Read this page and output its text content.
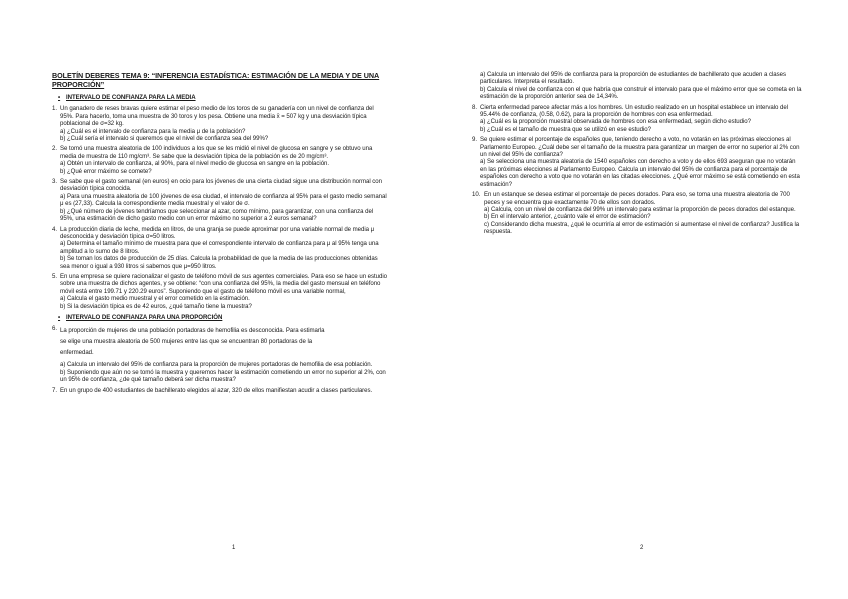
BOLETÍN DEBERES TEMA 9: “INFERENCIA ESTADÍSTICA: ESTIMACIÓN DE LA MEDIA Y DE UNA PROPORCIÓN”

• INTERVALO DE CONFIANZA PARA LA MEDIA
1. Un ganadero de reses bravas quiere estimar el peso medio de los toros de su ganadería con un nivel de confianza del 95%. Para hacerlo, toma una muestra de 30 toros y los pesa. Obtiene una media x̄ = 507 kg y una desviación típica poblacional de σ=32 kg.

a) ¿Cuál es el intervalo de confianza para la media μ de la población?

b) ¿Cuál sería el intervalo si queremos que el nivel de confianza sea del 99%?

2. Se tomó una muestra aleatoria de 100 individuos a los que se les midió el nivel de glucosa en sangre y se obtuvo una media de muestra de 110 mg/cm³. Se sabe que la desviación típica de la población es de 20 mg/cm³.

a) Obtén un intervalo de confianza, al 90%, para el nivel medio de glucosa en sangre en la población.

b) ¿Qué error máximo se comete?

3. Se sabe que el gasto semanal (en euros) en ocio para los jóvenes de una cierta ciudad sigue una distribución normal con desviación típica conocida.

a) Para una muestra aleatoria de 100 jóvenes de esa ciudad, el intervalo de confianza al 95% para el gasto medio semanal μ es (27,33). Calcula la correspondiente media muestral y el valor de σ.

b) ¿Qué número de jóvenes tendríamos que seleccionar al azar, como mínimo, para garantizar, con una confianza del 95%, una estimación de dicho gasto medio con un error máximo no superior a 2 euros semanal?

4. La producción diaria de leche, medida en litros, de una granja se puede aproximar por una variable normal de media μ desconocida y desviación típica σ=50 litros.

a) Determina el tamaño mínimo de muestra para que el correspondiente intervalo de confianza para μ al 95% tenga una amplitud a lo sumo de 8 litros.

b) Se toman los datos de producción de 25 días. Calcula la probabilidad de que la media de las producciones obtenidas sea menor o igual a 930 litros si sabemos que μ=950 litros.

5. En una empresa se quiere racionalizar el gasto de teléfono móvil de sus agentes comerciales. Para eso se hace un estudio sobre una muestra de dichos agentes, y se obtiene: “con una confianza del 95%, la media del gasto mensual en teléfono móvil está entre 199.71 y 220.29 euros”. Suponiendo que el gasto de teléfono móvil es una variable normal,

a) Calcula el gasto medio muestral y el error cometido en la estimación.

b) Si la desviación típica es de 42 euros, ¿qué tamaño tiene la muestra?

• INTERVALO DE CONFIANZA PARA UNA PROPORCIÓN
6. La proporción de mujeres de una población portadoras de hemofilia es desconocida. Para estimarla

se elige una muestra aleatoria de 500 mujeres entre las que se encuentran 80 portadoras de la

enfermedad.

a) Calcula un intervalo del 95% de confianza para la proporción de mujeres portadoras de hemofilia de esa población.

b) Suponiendo que aún no se tomó la muestra y queremos hacer la estimación cometiendo un error no superior al 2%, con un 95% de confianza, ¿de qué tamaño deberá ser dicha muestra?

7. En un grupo de 400 estudiantes de bachillerato elegidos al azar, 320 de ellos manifiestan acudir a clases particulares.

1

a) Calcula un intervalo del 95% de confianza para la proporción de estudiantes de bachillerato que acuden a clases particulares. Interpreta el resultado.

b) Calcula el nivel de confianza con el que habría que construir el intervalo para que el máximo error que se cometa en la estimación de la proporción anterior sea de 14,34%.

8. Cierta enfermedad parece afectar más a los hombres. Un estudio realizado en un hospital establece un intervalo del 95.44% de confianza, (0.58, 0.62), para la proporción de hombres con esa enfermedad.

a) ¿Cuál es la proporción muestral observada de hombres con esa enfermedad, según dicho estudio?

b) ¿Cuál es el tamaño de muestra que se utilizó en ese estudio?

9. Se quiere estimar el porcentaje de españoles que, teniendo derecho a voto, no votarán en las próximas elecciones al Parlamento Europeo. ¿Cuál debe ser el tamaño de la muestra para garantizar un margen de error no superior al 2% con un nivel del 95% de confianza?

a) Se selecciona una muestra aleatoria de 1540 españoles con derecho a voto y de ellos 693 aseguran que no votarán en las próximas elecciones al Parlamento Europeo. Calcula un intervalo del 95% de confianza para el porcentaje de españoles con derecho a voto que no votarán en las citadas elecciones. ¿Qué error máximo se está cometiendo en esta estimación?

10. En un estanque se desea estimar el porcentaje de peces dorados. Para eso, se toma una muestra aleatoria de 700 peces y se encuentra que exactamente 70 de ellos son dorados.

a) Calcula, con un nivel de confianza del 99% un intervalo para estimar la proporción de peces dorados del estanque.

b) En el intervalo anterior, ¿cuánto vale el error de estimación?

c) Considerando dicha muestra, ¿qué le ocurriría al error de estimación si aumentase el nivel de confianza? Justifica la respuesta.

2
